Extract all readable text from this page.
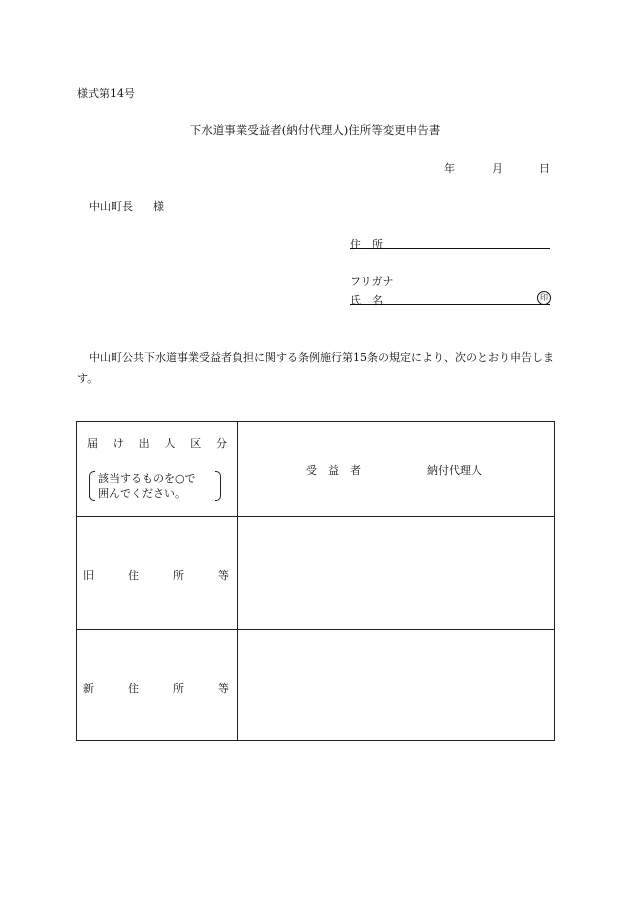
様式第14号
下水道事業受益者(納付代理人)住所等変更申告書
年	月	日
中山町長 様
住　所
フリガナ
氏　名	印
中山町公共下水道事業受益者負担に関する条例施行第15条の規定により、次のとおり申告します。
届 け 出 人 区 分
該当するものを○で
囲んでください。
受　益　者	納付代理人
旧	住	所	等
新	住	所	等
